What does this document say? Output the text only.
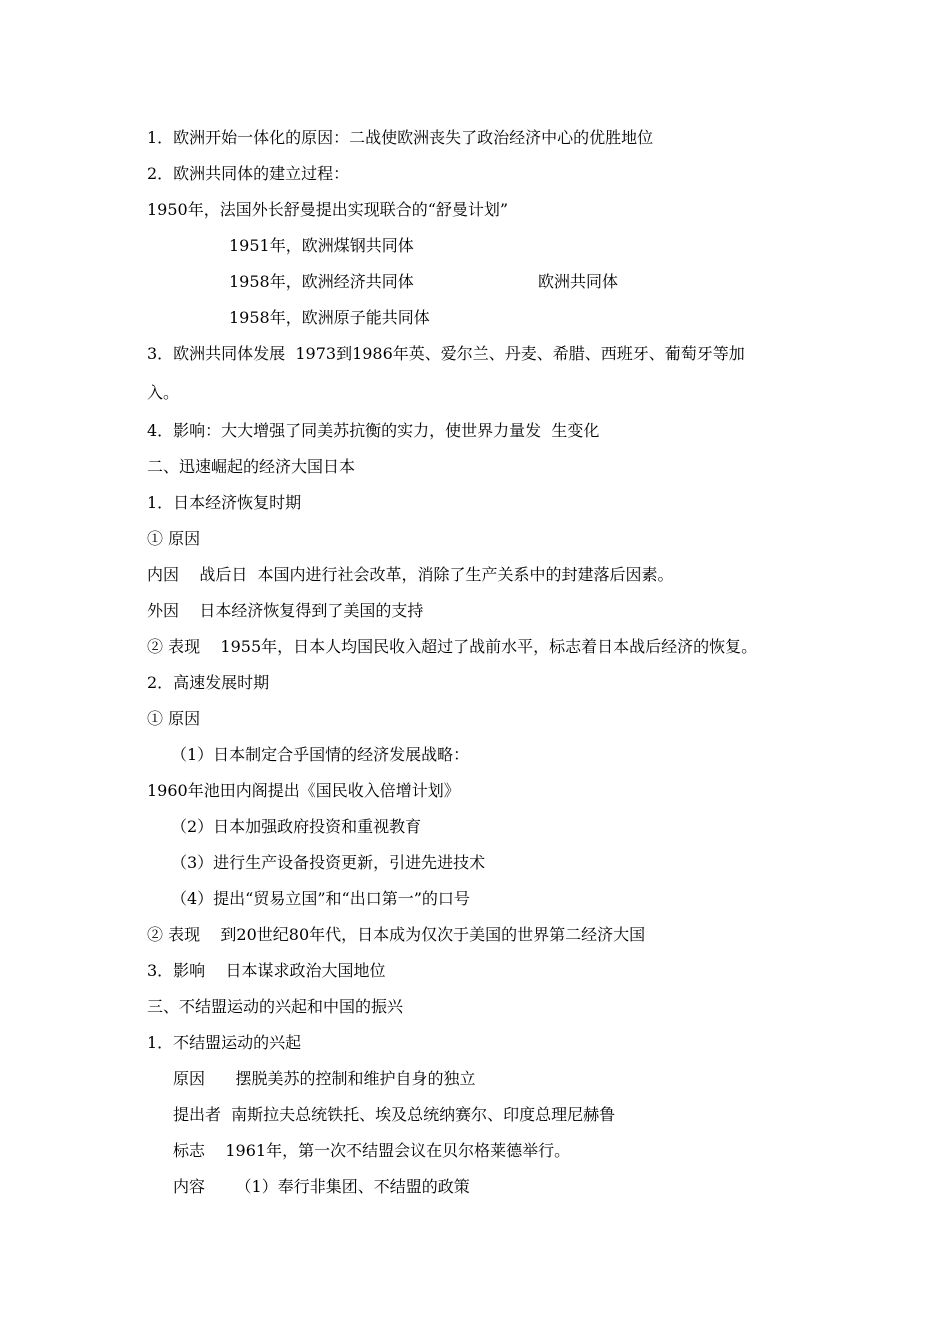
1．欧洲开始一体化的原因：二战使欧洲丧失了政治经济中心的优胜地位
2．欧洲共同体的建立过程：
1950年，法国外长舒曼提出实现联合的“舒曼计划”
1951年，欧洲煤钢共同体
1958年，欧洲经济共同体	欧洲共同体
1958年，欧洲原子能共同体
3．欧洲共同体发展  1973到1986年英、爱尔兰、丹麦、希腊、西班牙、葡萄牙等加
入。
4．影响：大大增强了同美苏抗衡的实力，使世界力量发  生变化
二、迅速崛起的经济大国日本
1．日本经济恢复时期
① 原因
内因    战后日  本国内进行社会改革，消除了生产关系中的封建落后因素。
外因    日本经济恢复得到了美国的支持
② 表现    1955年，日本人均国民收入超过了战前水平，标志着日本战后经济的恢复。
2．高速发展时期
① 原因
（1）日本制定合乎国情的经济发展战略：
1960年池田内阁提出《国民收入倍增计划》
（2）日本加强政府投资和重视教育
（3）进行生产设备投资更新，引进先进技术
（4）提出“贸易立国”和“出口第一”的口号
② 表现    到20世纪80年代，日本成为仅次于美国的世界第二经济大国
3．影响    日本谋求政治大国地位
三、不结盟运动的兴起和中国的振兴
1．不结盟运动的兴起
原因      摆脱美苏的控制和维护自身的独立
提出者  南斯拉夫总统铁托、埃及总统纳赛尔、印度总理尼赫鲁
标志    1961年，第一次不结盟会议在贝尔格莱德举行。
内容      （1）奉行非集团、不结盟的政策
